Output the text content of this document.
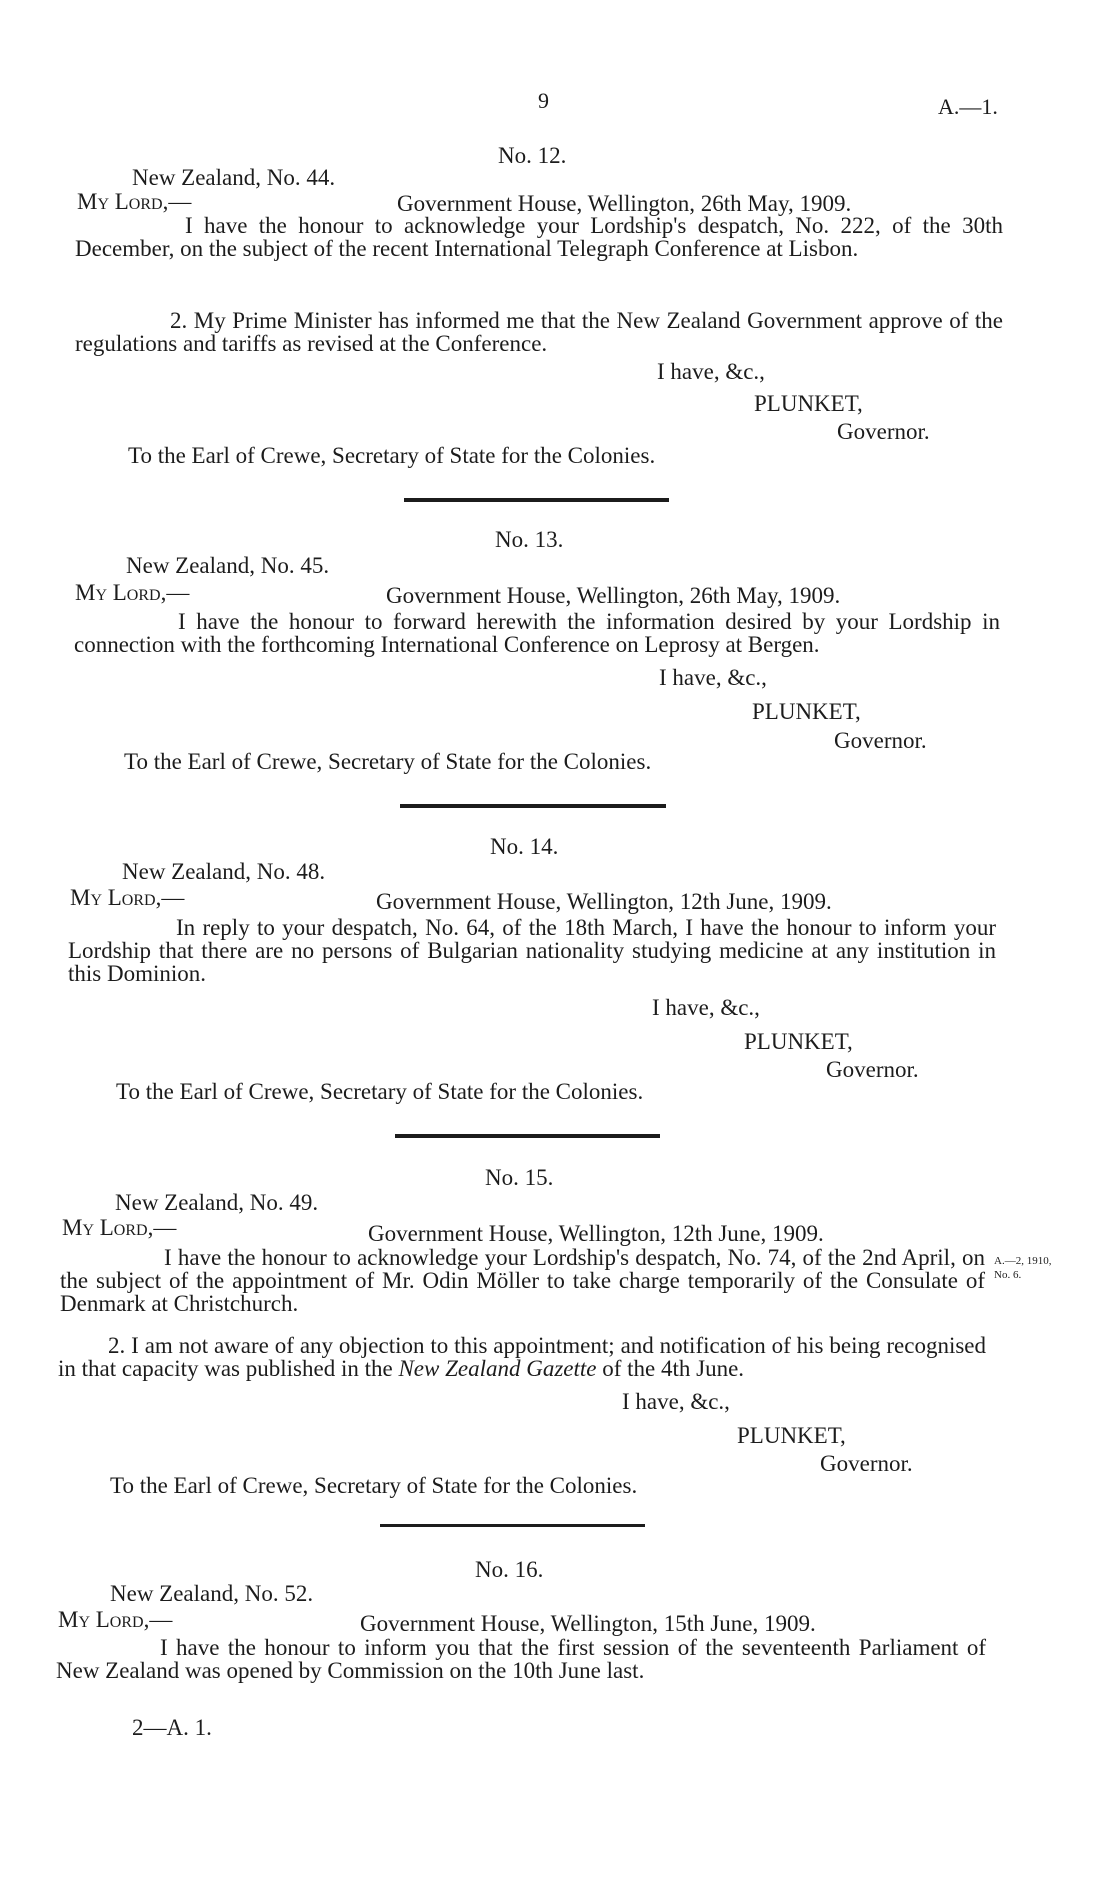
9	A.—1.
No. 12.
New Zealand, No. 44.
My Lord,—	Government House, Wellington, 26th May, 1909.
I have the honour to acknowledge your Lordship's despatch, No. 222, of the 30th December, on the subject of the recent International Telegraph Conference at Lisbon.
2. My Prime Minister has informed me that the New Zealand Government approve of the regulations and tariffs as revised at the Conference.
I have, &c.,
PLUNKET,
Governor.
To the Earl of Crewe, Secretary of State for the Colonies.
No. 13.
New Zealand, No. 45.
My Lord,—	Government House, Wellington, 26th May, 1909.
I have the honour to forward herewith the information desired by your Lordship in connection with the forthcoming International Conference on Leprosy at Bergen.
I have, &c.,
PLUNKET,
Governor.
To the Earl of Crewe, Secretary of State for the Colonies.
No. 14.
New Zealand, No. 48.
My Lord,—	Government House, Wellington, 12th June, 1909.
In reply to your despatch, No. 64, of the 18th March, I have the honour to inform your Lordship that there are no persons of Bulgarian nationality studying medicine at any institution in this Dominion.
I have, &c.,
PLUNKET,
Governor.
To the Earl of Crewe, Secretary of State for the Colonies.
No. 15.
New Zealand, No. 49.
My Lord,—	Government House, Wellington, 12th June, 1909.
I have the honour to acknowledge your Lordship's despatch, No. 74, of the 2nd April, on the subject of the appointment of Mr. Odin Möller to take charge temporarily of the Consulate of Denmark at Christchurch.
A.—2, 1910,
No. 6.
2. I am not aware of any objection to this appointment; and notification of his being recognised in that capacity was published in the New Zealand Gazette of the 4th June.
I have, &c.,
PLUNKET,
Governor.
To the Earl of Crewe, Secretary of State for the Colonies.
No. 16.
New Zealand, No. 52.
My Lord,—	Government House, Wellington, 15th June, 1909.
I have the honour to inform you that the first session of the seventeenth Parliament of New Zealand was opened by Commission on the 10th June last.
2—A. 1.
